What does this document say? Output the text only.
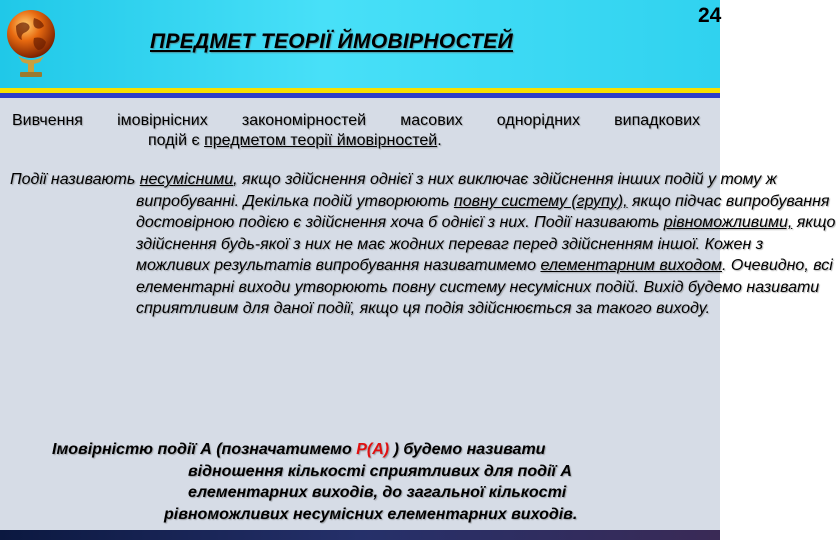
ПРЕДМЕТ ТЕОРІЇ ЙМОВІРНОСТЕЙ
24
Вивчення імовірнісних закономірностей масових однорідних випадкових
подій є предметом теорії ймовірностей.
Події називають несумісними, якщо здійснення однієї з них виключає здійснення інших подій у тому ж випробуванні. Декілька подій утворюють повну систему (групу), якщо підчас випробування достовірною подією є здійснення хоча б однієї з них. Події називають рівноможливими, якщо здійснення будь-якої з них не має жодних переваг перед здійсненням іншої. Кожен з можливих результатів випробування називатимемо елементарним виходом. Очевидно, всі елементарні виходи утворюють повну систему несумісних подій. Вихід будемо називати сприятливим для даної події, якщо ця подія здійснюється за такого виходу.
Імовірністю події А (позначатимемо Р(А) ) будемо називати
відношення кількості сприятливих для події А
елементарних виходів, до загальної кількості
рівноможливих несумісних елементарних виходів.
